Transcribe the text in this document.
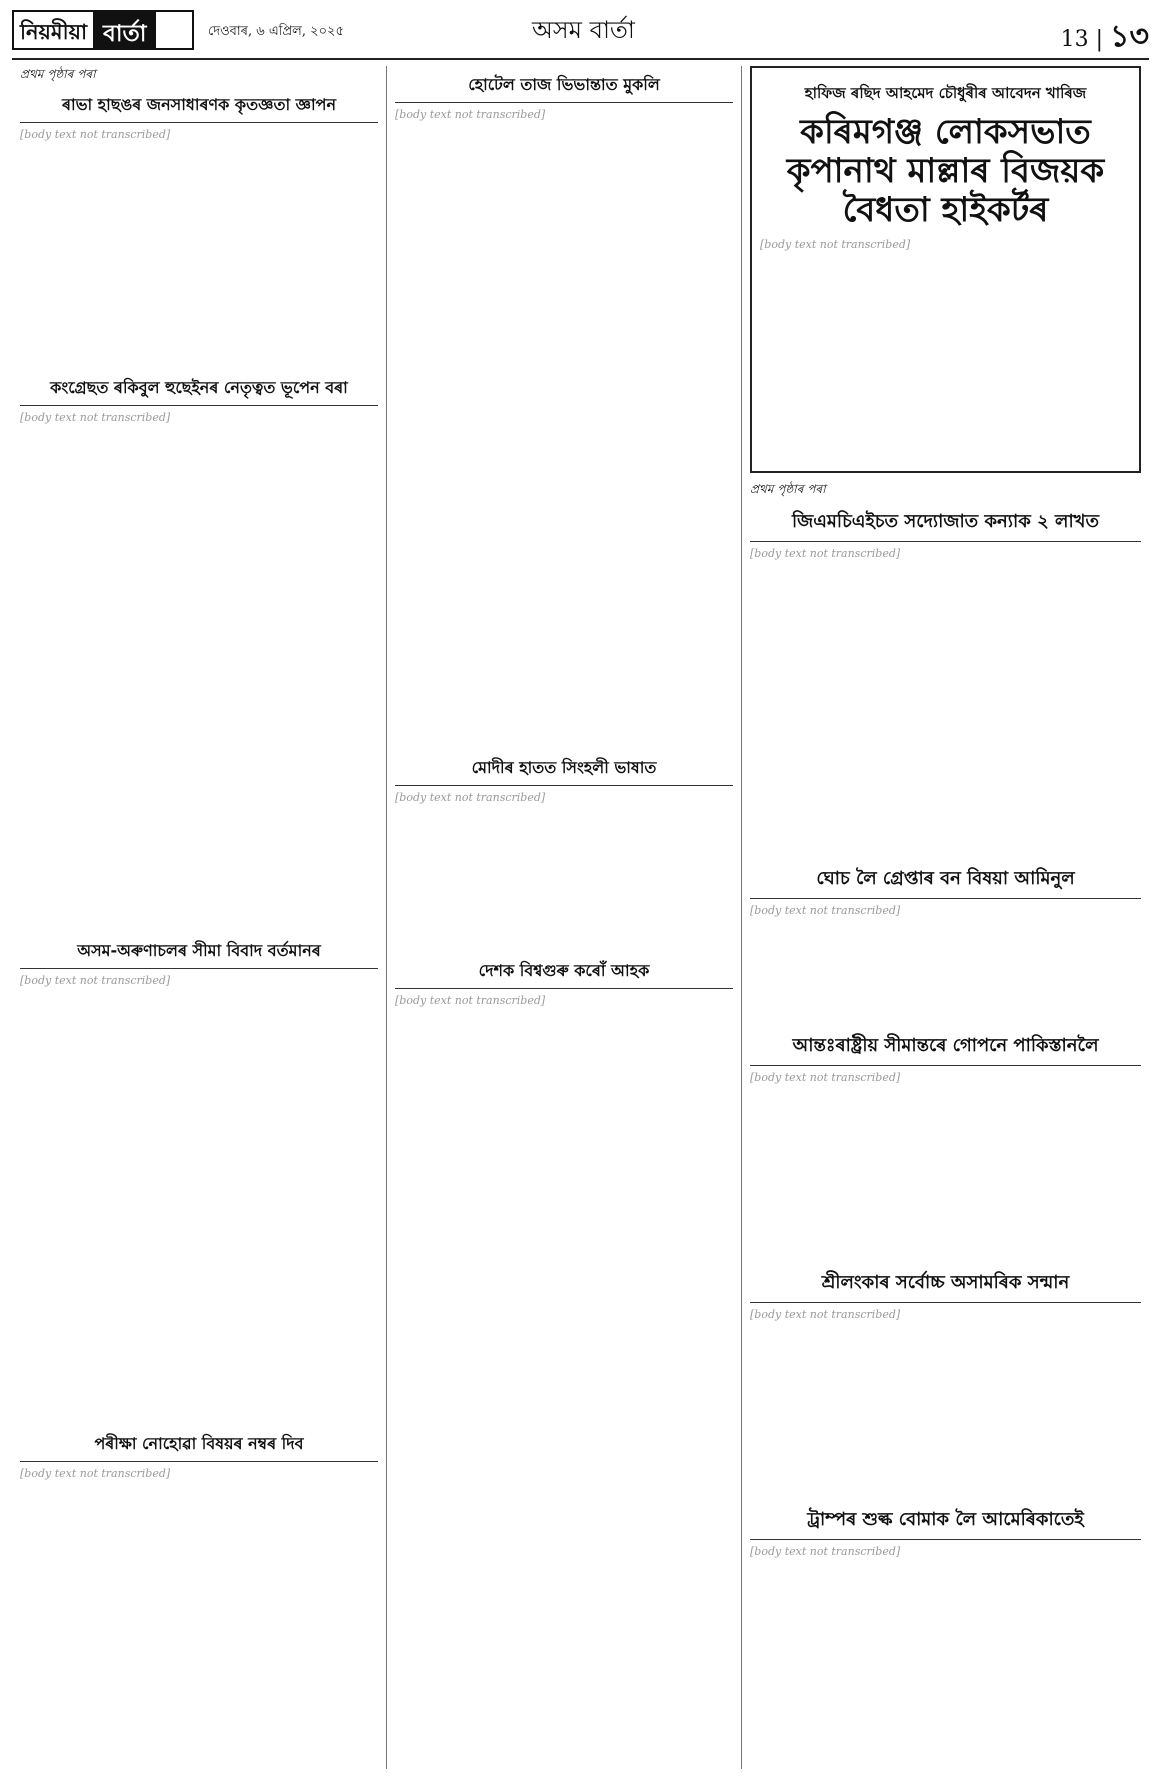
নিয়মীয়া বাৰ্তা	দেওবাৰ, ৬ এপ্ৰিল, ২০২৫	অসম বাৰ্তা	13 | ১৩

প্ৰথম পৃষ্ঠাৰ পৰা

ৰাভা হাছঙৰ জনসাধাৰণক কৃতজ্ঞতা জ্ঞাপন

[body text not transcribed]

কংগ্ৰেছত ৰকিবুল হুছেইনৰ নেতৃত্বত ভূপেন বৰা

[body text not transcribed]

অসম-অৰুণাচলৰ সীমা বিবাদ বৰ্তমানৰ

[body text not transcribed]

পৰীক্ষা নোহোৱা বিষয়ৰ নম্বৰ দিব

[body text not transcribed]

হোটেল তাজ ভিভান্তাত মুকলি

[body text not transcribed]

মোদীৰ হাতত সিংহলী ভাষাত

[body text not transcribed]

দেশক বিশ্বগুৰু কৰোঁ আহক

[body text not transcribed]

হাফিজ ৰছিদ আহমেদ চৌধুৰীৰ আবেদন খাৰিজ
কৰিমগঞ্জ লোকসভাত কৃপানাথ মাল্লাৰ বিজয়ক বৈধতা হাইকৰ্টৰ

[body text not transcribed]

প্ৰথম পৃষ্ঠাৰ পৰা

জিএমচিএইচত সদ্যোজাত কন্যাক ২ লাখত

[body text not transcribed]

ঘোচ লৈ গ্ৰেপ্তাৰ বন বিষয়া আমিনুল

[body text not transcribed]

আন্তঃৰাষ্ট্ৰীয় সীমান্তৰে গোপনে পাকিস্তানলৈ

[body text not transcribed]

শ্ৰীলংকাৰ সৰ্বোচ্চ অসামৰিক সন্মান

[body text not transcribed]

ট্ৰাম্পৰ শুল্ক বোমাক লৈ আমেৰিকাতেই

[body text not transcribed]
